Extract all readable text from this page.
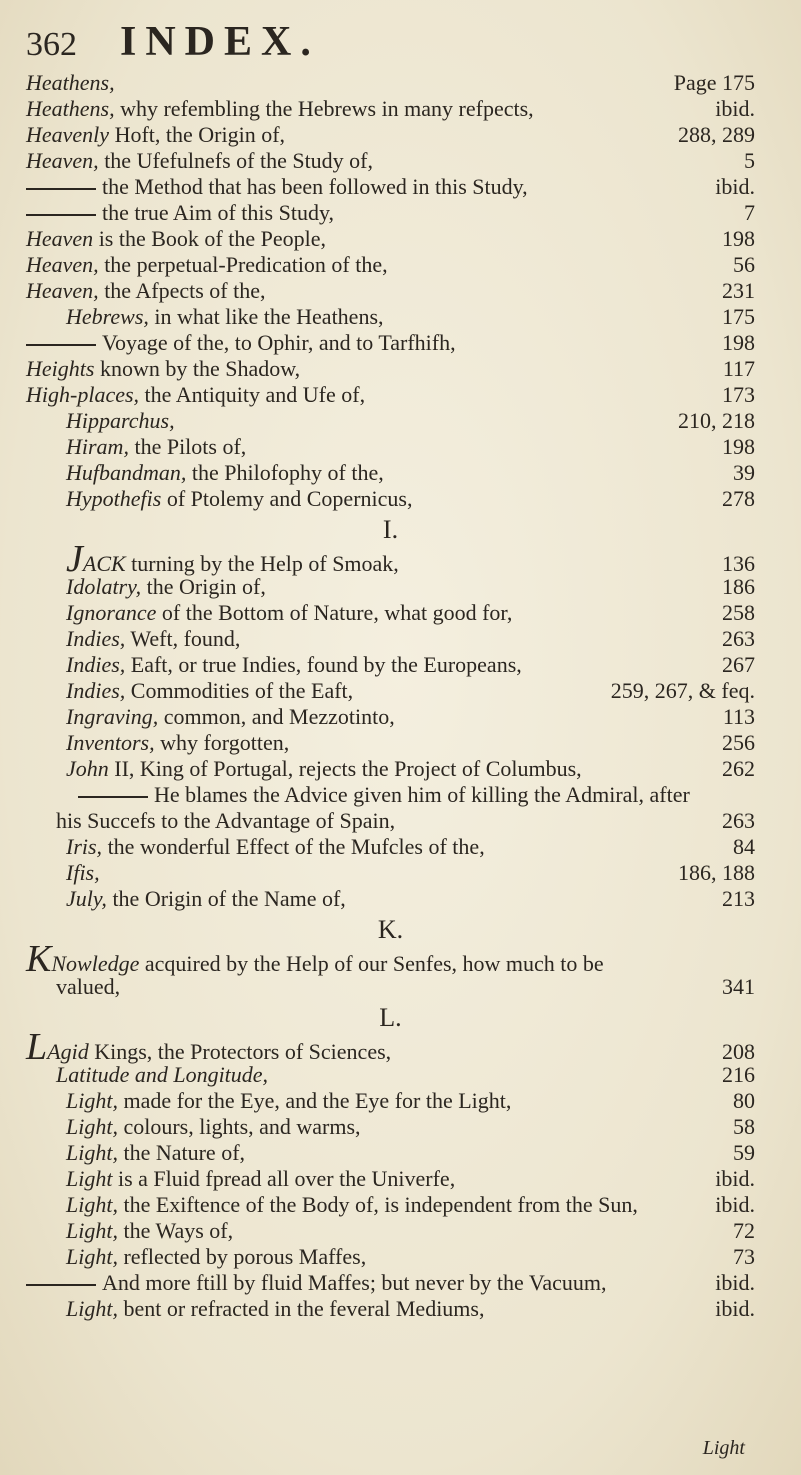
362	INDEX.
Heathens,	Page 175
Heathens, why refembling the Hebrews in many refpects,	ibid.
Heavenly Hoft, the Origin of,	288, 289
Heaven, the Ufefulnefs of the Study of,	5
the Method that has been followed in this Study,	ibid.
the true Aim of this Study,	7
Heaven is the Book of the People,	198
Heaven, the perpetual-Predication of the,	56
Heaven, the Afpects of the,	231
Hebrews, in what like the Heathens,	175
Voyage of the, to Ophir, and to Tarfhifh,	198
Heights known by the Shadow,	117
High-places, the Antiquity and Ufe of,	173
Hipparchus,	210, 218
Hiram, the Pilots of,	198
Hufbandman, the Philofophy of the,	39
Hypothefis of Ptolemy and Copernicus,	278
I.
JACK turning by the Help of Smoak,	136
Idolatry, the Origin of,	186
Ignorance of the Bottom of Nature, what good for,	258
Indies, Weft, found,	263
Indies, Eaft, or true Indies, found by the Europeans,	267
Indies, Commodities of the Eaft,	259, 267, & feq.
Ingraving, common, and Mezzotinto,	113
Inventors, why forgotten,	256
John II, King of Portugal, rejects the Project of Columbus,	262
He blames the Advice given him of killing the Admiral, after
his Succefs to the Advantage of Spain,	263
Iris, the wonderful Effect of the Mufcles of the,	84
Ifis,	186, 188
July, the Origin of the Name of,	213
K.
KNowledge acquired by the Help of our Senfes, how much to be
valued,	341
L.
LAgid Kings, the Protectors of Sciences,	208
Latitude and Longitude,	216
Light, made for the Eye, and the Eye for the Light,	80
Light, colours, lights, and warms,	58
Light, the Nature of,	59
Light is a Fluid fpread all over the Univerfe,	ibid.
Light, the Exiftence of the Body of, is independent from the Sun,	ibid.
Light, the Ways of,	72
Light, reflected by porous Maffes,	73
And more ftill by fluid Maffes; but never by the Vacuum,	ibid.
Light, bent or refracted in the feveral Mediums,	ibid.
Light
